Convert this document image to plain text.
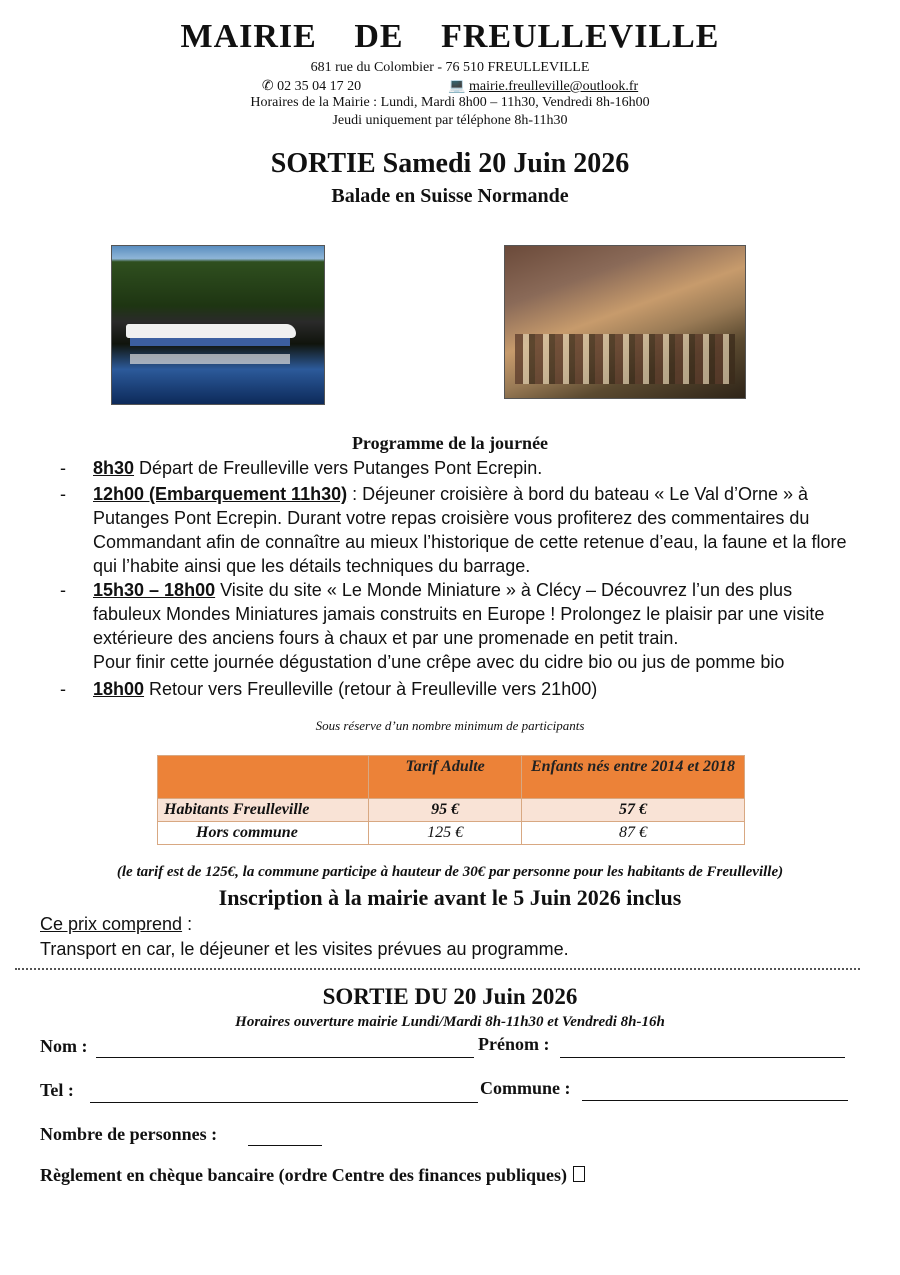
MAIRIE DE FREULLEVILLE
681 rue du Colombier - 76 510 FREULLEVILLE
✆ 02 35 04 17 20	💻 mairie.freulleville@outlook.fr
Horaires de la Mairie : Lundi, Mardi 8h00 – 11h30, Vendredi 8h-16h00
Jeudi uniquement par téléphone 8h-11h30
SORTIE Samedi 20 Juin 2026
Balade en Suisse Normande
Programme de la journée
- 8h30 Départ de Freulleville vers Putanges Pont Ecrepin.
- 12h00 (Embarquement 11h30) : Déjeuner croisière à bord du bateau « Le Val d’Orne » à Putanges Pont Ecrepin. Durant votre repas croisière vous profiterez des commentaires du Commandant afin de connaître au mieux l’historique de cette retenue d’eau, la faune et la flore qui l’habite ainsi que les détails techniques du barrage.
- 15h30 – 18h00 Visite du site « Le Monde Miniature » à Clécy – Découvrez l’un des plus fabuleux Mondes Miniatures jamais construits en Europe ! Prolongez le plaisir par une visite extérieure des anciens fours à chaux et par une promenade en petit train.
Pour finir cette journée dégustation d’une crêpe avec du cidre bio ou jus de pomme bio
- 18h00 Retour vers Freulleville (retour à Freulleville vers 21h00)
Sous réserve d’un nombre minimum de participants
	Tarif Adulte	Enfants nés entre 2014 et 2018
Habitants Freulleville	95 €	57 €
Hors commune	125 €	87 €
(le tarif est de 125€, la commune participe à hauteur de 30€ par personne pour les habitants de Freulleville)
Inscription à la mairie avant le 5 Juin 2026 inclus
Ce prix comprend :
Transport en car, le déjeuner et les visites prévues au programme.
SORTIE DU 20 Juin 2026
Horaires ouverture mairie Lundi/Mardi 8h-11h30 et Vendredi 8h-16h
Nom :	Prénom :
Tel :	Commune :
Nombre de personnes :
Règlement en chèque bancaire (ordre Centre des finances publiques)
